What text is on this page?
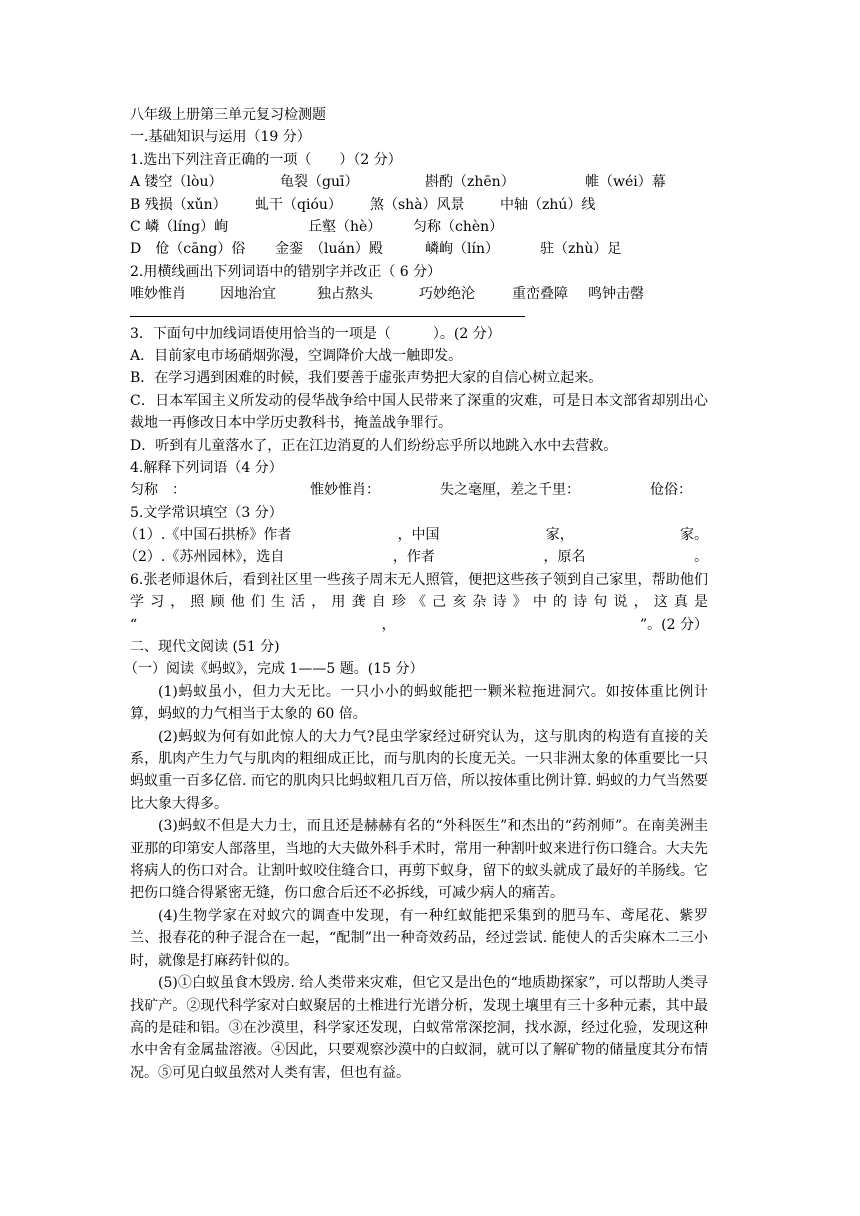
八年级上册第三单元复习检测题
一.基础知识与运用（19 分）
1.选出下列注音正确的一项（　　）（2 分）
A 镂空（lòu）	龟裂（guī）	斟酌（zhēn）	帷（wéi）幕
B 残损（xǔn） 虬干（qióu） 煞（shà）风景	中轴（zhú）线
C 嶙（líng）峋	丘壑（hè） 匀称（chèn）
D　伧（cāng）俗 金銮　（luán）殿	嶙峋（lín）	驻（zhù）足
2.用横线画出下列词语中的错别字并改正（ 6 分）
唯妙惟肖 因地治宜	独占熬头	巧妙绝沦	重峦叠障 鸣钟击罄
3．下面句中加线词语使用恰当的一项是（　　　）。(2 分）
A．目前家电市场硝烟弥漫，空调降价大战一触即发。
B．在学习遇到困难的时候，我们要善于虚张声势把大家的自信心树立起来。
C．日本军国主义所发动的侵华战争给中国人民带来了深重的灾难，可是日本文部省却别出心裁地一再修改日本中学历史教科书，掩盖战争罪行。
D．听到有儿童落水了，正在江边消夏的人们纷纷忘乎所以地跳入水中去营救。
4.解释下列词语（4 分）
匀称　：	惟妙惟肖：	失之毫厘，差之千里：	伧俗：
5.文学常识填空（3 分）
（1）.《中国石拱桥》作者	，中国	家，	家。
（2）.《苏州园林》，选自	，作者	，原名	。
6.张老师退休后，看到社区里一些孩子周末无人照管，便把这些孩子领到自己家里，帮助他们学习，照顾他们生活，用龚自珍《己亥杂诗》中的诗句说，这真是
“	，	”。(2 分）
二、现代文阅读 (51 分)
（一）阅读《蚂蚁》，完成 1——5 题。(15 分）
(1)蚂蚁虽小，但力大无比。一只小小的蚂蚁能把一颗米粒拖进洞穴。如按体重比例计算，蚂蚁的力气相当于太象的 60 倍。
(2)蚂蚁为何有如此惊人的大力气?昆虫学家经过研究认为，这与肌肉的构造有直接的关系，肌肉产生力气与肌肉的粗细成正比，而与肌肉的长度无关。一只非洲太象的体重要比一只蚂蚁重一百多亿倍. 而它的肌肉只比蚂蚁粗几百万倍，所以按体重比例计算. 蚂蚁的力气当然要比大象大得多。
(3)蚂蚁不但是大力士，而且还是赫赫有名的“外科医生”和杰出的“药剂师”。在南美洲圭亚那的印第安人部落里，当地的大夫做外科手术时，常用一种割叶蚁来进行伤口缝合。大夫先将病人的伤口对合。让割叶蚁咬住缝合口，再剪下蚁身，留下的蚁头就成了最好的羊肠线。它把伤口缝合得紧密无缝，伤口愈合后还不必拆线，可减少病人的痛苦。
(4)生物学家在对蚁穴的调查中发现，有一种红蚁能把采集到的肥马车、鸢尾花、紫罗兰、报春花的种子混合在一起，“配制”出一种奇效药品，经过尝试. 能使人的舌尖麻木二三小时，就像是打麻药针似的。
(5)①白蚁虽食木毁房. 给人类带来灾难，但它又是出色的“地质勘探家”，可以帮助人类寻找矿产。②现代科学家对白蚁聚居的土椎进行光谱分析，发现土壤里有三十多种元素，其中最高的是硅和铝。③在沙漠里，科学家还发现，白蚁常常深挖洞，找水源，经过化验，发现这种水中舍有金属盐溶液。④因此，只要观察沙漠中的白蚁洞，就可以了解矿物的储量度其分布情况。⑤可见白蚁虽然对人类有害，但也有益。
